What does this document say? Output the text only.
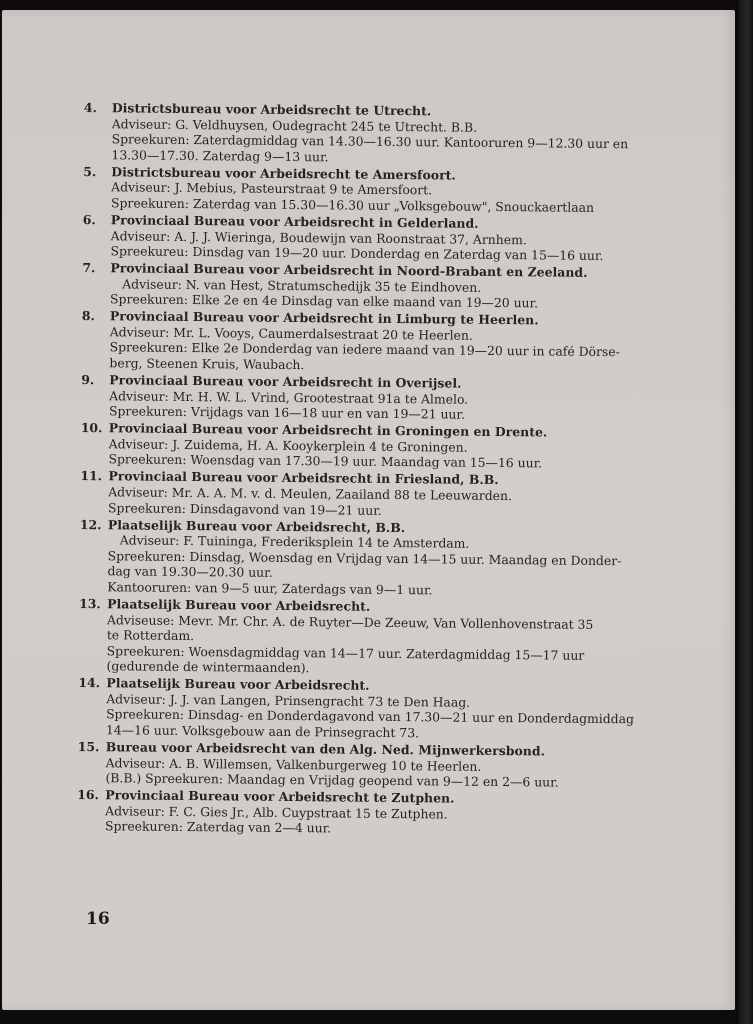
4. Districtsbureau voor Arbeidsrecht te Utrecht.
Adviseur: G. Veldhuysen, Oudegracht 245 te Utrecht. B.B.
Spreekuren: Zaterdagmiddag van 14.30—16.30 uur. Kantooruren 9—12.30 uur en
13.30—17.30. Zaterdag 9—13 uur.
5. Districtsbureau voor Arbeidsrecht te Amersfoort.
Adviseur: J. Mebius, Pasteurstraat 9 te Amersfoort.
Spreekuren: Zaterdag van 15.30—16.30 uur „Volksgebouw", Snouckaertlaan
6. Provinciaal Bureau voor Arbeidsrecht in Gelderland.
Adviseur: A. J. J. Wieringa, Boudewijn van Roonstraat 37, Arnhem.
Spreekureu: Dinsdag van 19—20 uur. Donderdag en Zaterdag van 15—16 uur.
7. Provinciaal Bureau voor Arbeidsrecht in Noord-Brabant en Zeeland.
Adviseur: N. van Hest, Stratumschedijk 35 te Eindhoven.
Spreekuren: Elke 2e en 4e Dinsdag van elke maand van 19—20 uur.
8. Provinciaal Bureau voor Arbeidsrecht in Limburg te Heerlen.
Adviseur: Mr. L. Vooys, Caumerdalsestraat 20 te Heerlen.
Spreekuren: Elke 2e Donderdag van iedere maand van 19—20 uur in café Dörse-
berg, Steenen Kruis, Waubach.
9. Provinciaal Bureau voor Arbeidsrecht in Overijsel.
Adviseur: Mr. H. W. L. Vrind, Grootestraat 91a te Almelo.
Spreekuren: Vrijdags van 16—18 uur en van 19—21 uur.
10. Provinciaal Bureau voor Arbeidsrecht in Groningen en Drente.
Adviseur: J. Zuidema, H. A. Kooykerplein 4 te Groningen.
Spreekuren: Woensdag van 17.30—19 uur. Maandag van 15—16 uur.
11. Provinciaal Bureau voor Arbeidsrecht in Friesland, B.B.
Adviseur: Mr. A. A. M. v. d. Meulen, Zaailand 88 te Leeuwarden.
Spreekuren: Dinsdagavond van 19—21 uur.
12. Plaatselijk Bureau voor Arbeidsrecht, B.B.
Adviseur: F. Tuininga, Frederiksplein 14 te Amsterdam.
Spreekuren: Dinsdag, Woensdag en Vrijdag van 14—15 uur. Maandag en Donder-
dag van 19.30—20.30 uur.
Kantooruren: van 9—5 uur, Zaterdags van 9—1 uur.
13. Plaatselijk Bureau voor Arbeidsrecht.
Adviseuse: Mevr. Mr. Chr. A. de Ruyter—De Zeeuw, Van Vollenhovenstraat 35
te Rotterdam.
Spreekuren: Woensdagmiddag van 14—17 uur. Zaterdagmiddag 15—17 uur
(gedurende de wintermaanden).
14. Plaatselijk Bureau voor Arbeidsrecht.
Adviseur: J. J. van Langen, Prinsengracht 73 te Den Haag.
Spreekuren: Dinsdag- en Donderdagavond van 17.30—21 uur en Donderdagmiddag
14—16 uur. Volksgebouw aan de Prinsegracht 73.
15. Bureau voor Arbeidsrecht van den Alg. Ned. Mijnwerkersbond.
Adviseur: A. B. Willemsen, Valkenburgerweg 10 te Heerlen.
(B.B.) Spreekuren: Maandag en Vrijdag geopend van 9—12 en 2—6 uur.
16. Provinciaal Bureau voor Arbeidsrecht te Zutphen.
Adviseur: F. C. Gies Jr., Alb. Cuypstraat 15 te Zutphen.
Spreekuren: Zaterdag van 2—4 uur.
16
